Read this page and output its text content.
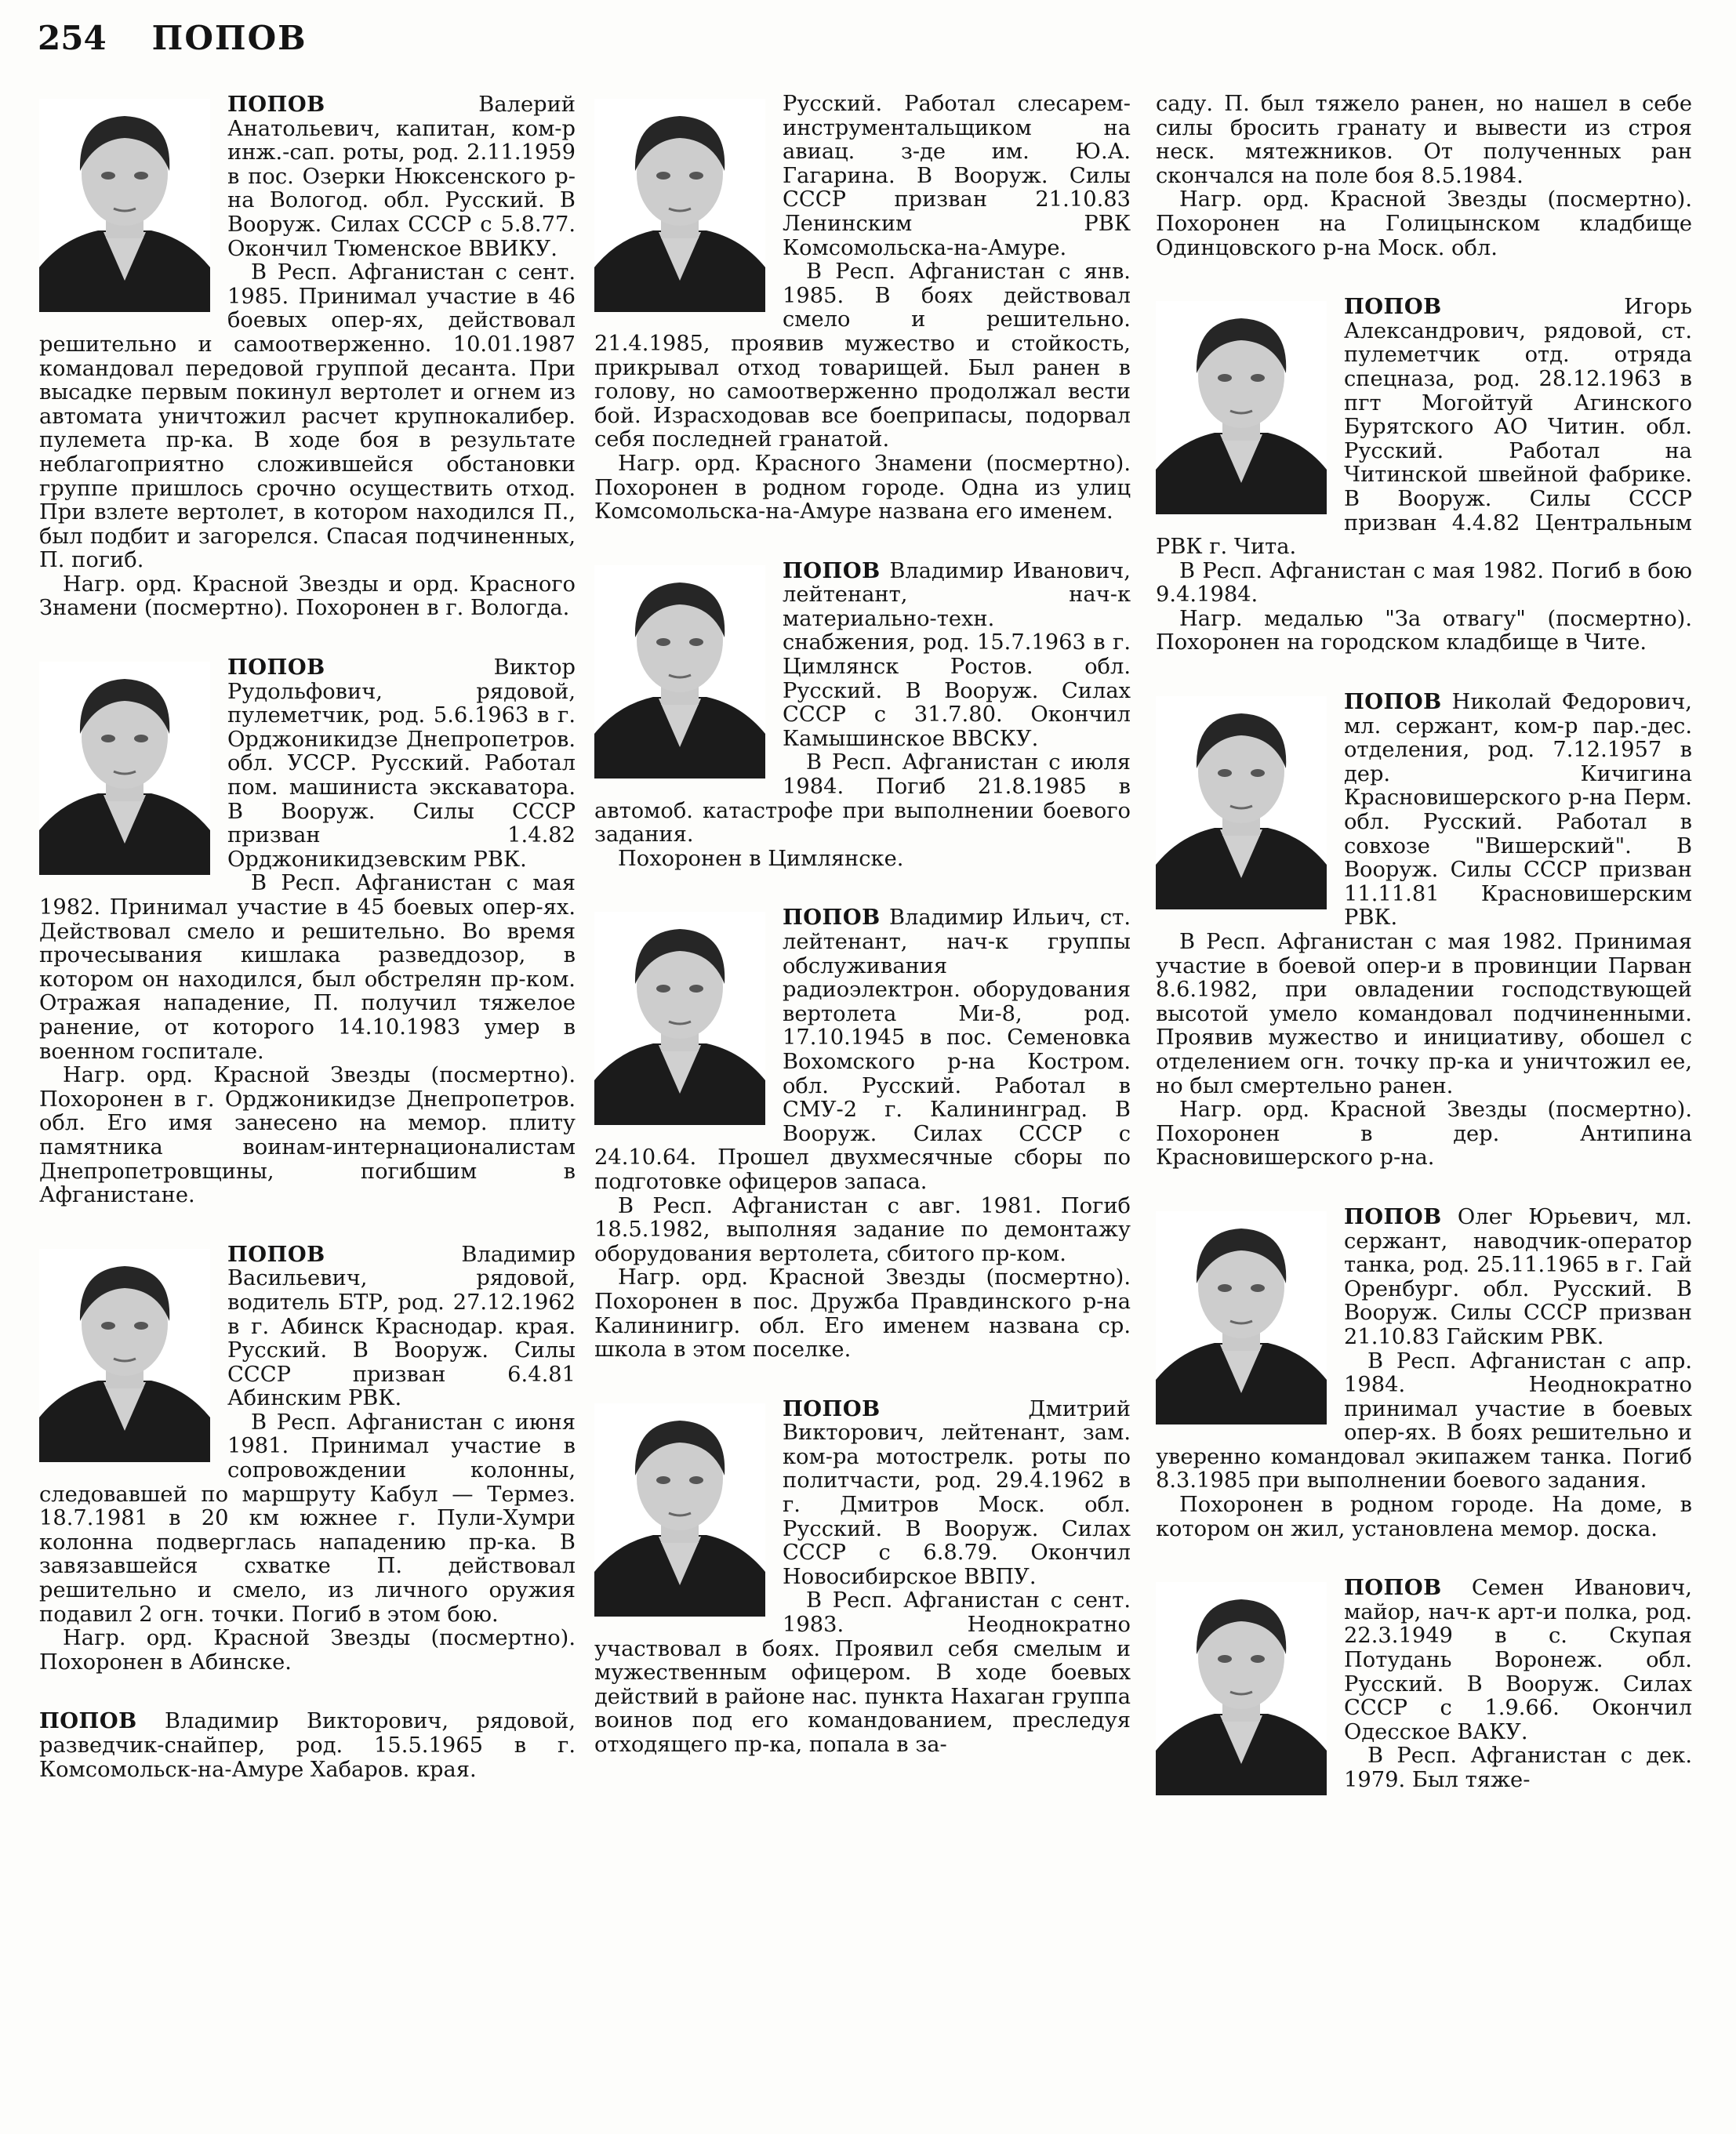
254 ПОПОВ

ПОПОВ	Валерий Анатольевич, капитан, ком-р инж.-сап. роты, род. 2.11.1959 в пос. Озерки Нюксенского р-на Вологод. обл. Русский. В Вооруж. Силах СССР с 5.8.77. Окончил Тюменское ВВИКУ.

В Респ. Афганистан с сент. 1985. Принимал участие в 46 боевых опер-ях, действовал решительно и самоотверженно. 10.01.1987 командовал передовой группой десанта. При высадке первым покинул вертолет и огнем из автомата уничтожил расчет крупнокалибер. пулемета пр-ка. В ходе боя в результате неблагоприятно сложившейся обстановки группе пришлось срочно осуществить отход. При взлете вертолет, в котором находился П., был подбит и загорелся. Спасая подчиненных, П. погиб.

Нагр. орд. Красной Звезды и орд. Красного Знамени (посмертно). Похоронен в г. Вологда.

ПОПОВ	Виктор Рудольфович, рядовой, пулеметчик, род. 5.6.1963 в г. Орджоникидзе Днепропетров. обл. УССР. Русский. Работал пом. машиниста экскаватора. В Вооруж. Силы СССР призван 1.4.82 Орджоникидзевским РВК.

В Респ. Афганистан с мая 1982. Принимал участие в 45 боевых опер-ях. Действовал смело и решительно. Во время прочесывания кишлака разведдозор, в котором он находился, был обстрелян пр-ком. Отражая нападение, П. получил тяжелое ранение, от которого 14.10.1983 умер в военном госпитале.

Нагр. орд. Красной Звезды (посмертно). Похоронен в г. Орджоникидзе Днепропетров. обл. Его имя занесено на мемор. плиту памятника воинам-интернационалистам Днепропетровщины, погибшим в Афганистане.

ПОПОВ	Владимир Васильевич, рядовой, водитель БТР, род. 27.12.1962 в г. Абинск Краснодар. края. Русский. В Вооруж. Силы СССР призван 6.4.81 Абинским РВК.

В Респ. Афганистан с июня 1981. Принимал участие в сопровождении колонны, следовавшей по маршруту Кабул — Термез. 18.7.1981 в 20 км южнее г. Пули-Хумри колонна подверглась нападению пр-ка. В завязавшейся схватке П. действовал решительно и смело, из личного оружия подавил 2 огн. точки. Погиб в этом бою.

Нагр. орд. Красной Звезды (посмертно). Похоронен в Абинске.

ПОПОВ Владимир Викторович, рядовой, разведчик-снайпер, род. 15.5.1965 в г. Комсомольск-на-Амуре Хабаров. края.

Русский. Работал слесарем-инструментальщиком на авиац. з-де им. Ю.А. Гагарина. В Вооруж. Силы СССР призван 21.10.83 Ленинским РВК Комсомольска-на-Амуре.

В Респ. Афганистан с янв. 1985. В боях действовал смело и решительно. 21.4.1985, проявив мужество и стойкость, прикрывал отход товарищей. Был ранен в голову, но самоотверженно продолжал вести бой. Израсходовав все боеприпасы, подорвал себя последней гранатой.

Нагр. орд. Красного Знамени (посмертно). Похоронен в родном городе. Одна из улиц Комсомольска-на-Амуре названа его именем.

ПОПОВ Владимир Иванович, лейтенант, нач-к материально-техн. снабжения, род. 15.7.1963 в г. Цимлянск Ростов. обл. Русский. В Вооруж. Силах СССР с 31.7.80. Окончил Камышинское ВВСКУ.

В Респ. Афганистан с июля 1984. Погиб 21.8.1985 в автомоб. катастрофе при выполнении боевого задания.

Похоронен в Цимлянске.

ПОПОВ Владимир Ильич, ст. лейтенант, нач-к группы обслуживания радиоэлектрон. оборудования вертолета Ми-8, род. 17.10.1945 в пос. Семеновка Вохомского р-на Костром. обл. Русский. Работал в СМУ-2 г. Калининград. В Вооруж. Силах СССР с 24.10.64. Прошел двухмесячные сборы по подготовке офицеров запаса.

В Респ. Афганистан с авг. 1981. Погиб 18.5.1982, выполняя задание по демонтажу оборудования вертолета, сбитого пр-ком.

Нагр. орд. Красной Звезды (посмертно). Похоронен в пос. Дружба Правдинского р-на Калининигр. обл. Его именем названа ср. школа в этом поселке.

ПОПОВ	Дмитрий Викторович, лейтенант, зам. ком-ра мотострелк. роты по политчасти, род. 29.4.1962 в г. Дмитров Моск. обл. Русский. В Вооруж. Силах СССР с 6.8.79. Окончил Новосибирское ВВПУ.

В Респ. Афганистан с сент. 1983. Неоднократно участвовал в боях. Проявил себя смелым и мужественным офицером. В ходе боевых действий в районе нас. пункта Нахаган группа воинов под его командованием, преследуя отходящего пр-ка, попала в за-

саду. П. был тяжело ранен, но нашел в себе силы бросить гранату и вывести из строя неск. мятежников. От полученных ран скончался на поле боя 8.5.1984.

Нагр. орд. Красной Звезды (посмертно). Похоронен на Голицынском кладбище Одинцовского р-на Моск. обл.

ПОПОВ	Игорь Александрович, рядовой, ст. пулеметчик отд. отряда спецназа, род. 28.12.1963 в пгт Могойтуй Агинского Бурятского АО Читин. обл. Русский. Работал на Читинской швейной фабрике. В Вооруж. Силы СССР призван 4.4.82 Центральным РВК г. Чита.

В Респ. Афганистан с мая 1982. Погиб в бою 9.4.1984.

Нагр. медалью "За отвагу" (посмертно). Похоронен на городском кладбище в Чите.

ПОПОВ Николай Федорович, мл. сержант, ком-р пар.-дес. отделения, род. 7.12.1957 в дер. Кичигина Красновишерского р-на Перм. обл. Русский. Работал в совхозе "Вишерский". В Вооруж. Силы СССР призван 11.11.81 Красновишерским РВК.

В Респ. Афганистан с мая 1982. Принимая участие в боевой опер-и в провинции Парван 8.6.1982, при овладении господствующей высотой умело командовал подчиненными. Проявив мужество и инициативу, обошел с отделением огн. точку пр-ка и уничтожил ее, но был смертельно ранен.

Нагр. орд. Красной Звезды (посмертно). Похоронен в дер. Антипина Красновишерского р-на.

ПОПОВ Олег Юрьевич, мл. сержант, наводчик-оператор танка, род. 25.11.1965 в г. Гай Оренбург. обл. Русский. В Вооруж. Силы СССР призван 21.10.83 Гайским РВК.

В Респ. Афганистан с апр. 1984. Неоднократно принимал участие в боевых опер-ях. В боях решительно и уверенно командовал экипажем танка. Погиб 8.3.1985 при выполнении боевого задания.

Похоронен в родном городе. На доме, в котором он жил, установлена мемор. доска.

ПОПОВ Семен Иванович, майор, нач-к арт-и полка, род. 22.3.1949 в с. Скупая Потудань Воронеж. обл. Русский. В Вооруж. Силах СССР с 1.9.66. Окончил Одесское ВАКУ.

В Респ. Афганистан с дек. 1979. Был тяже-
